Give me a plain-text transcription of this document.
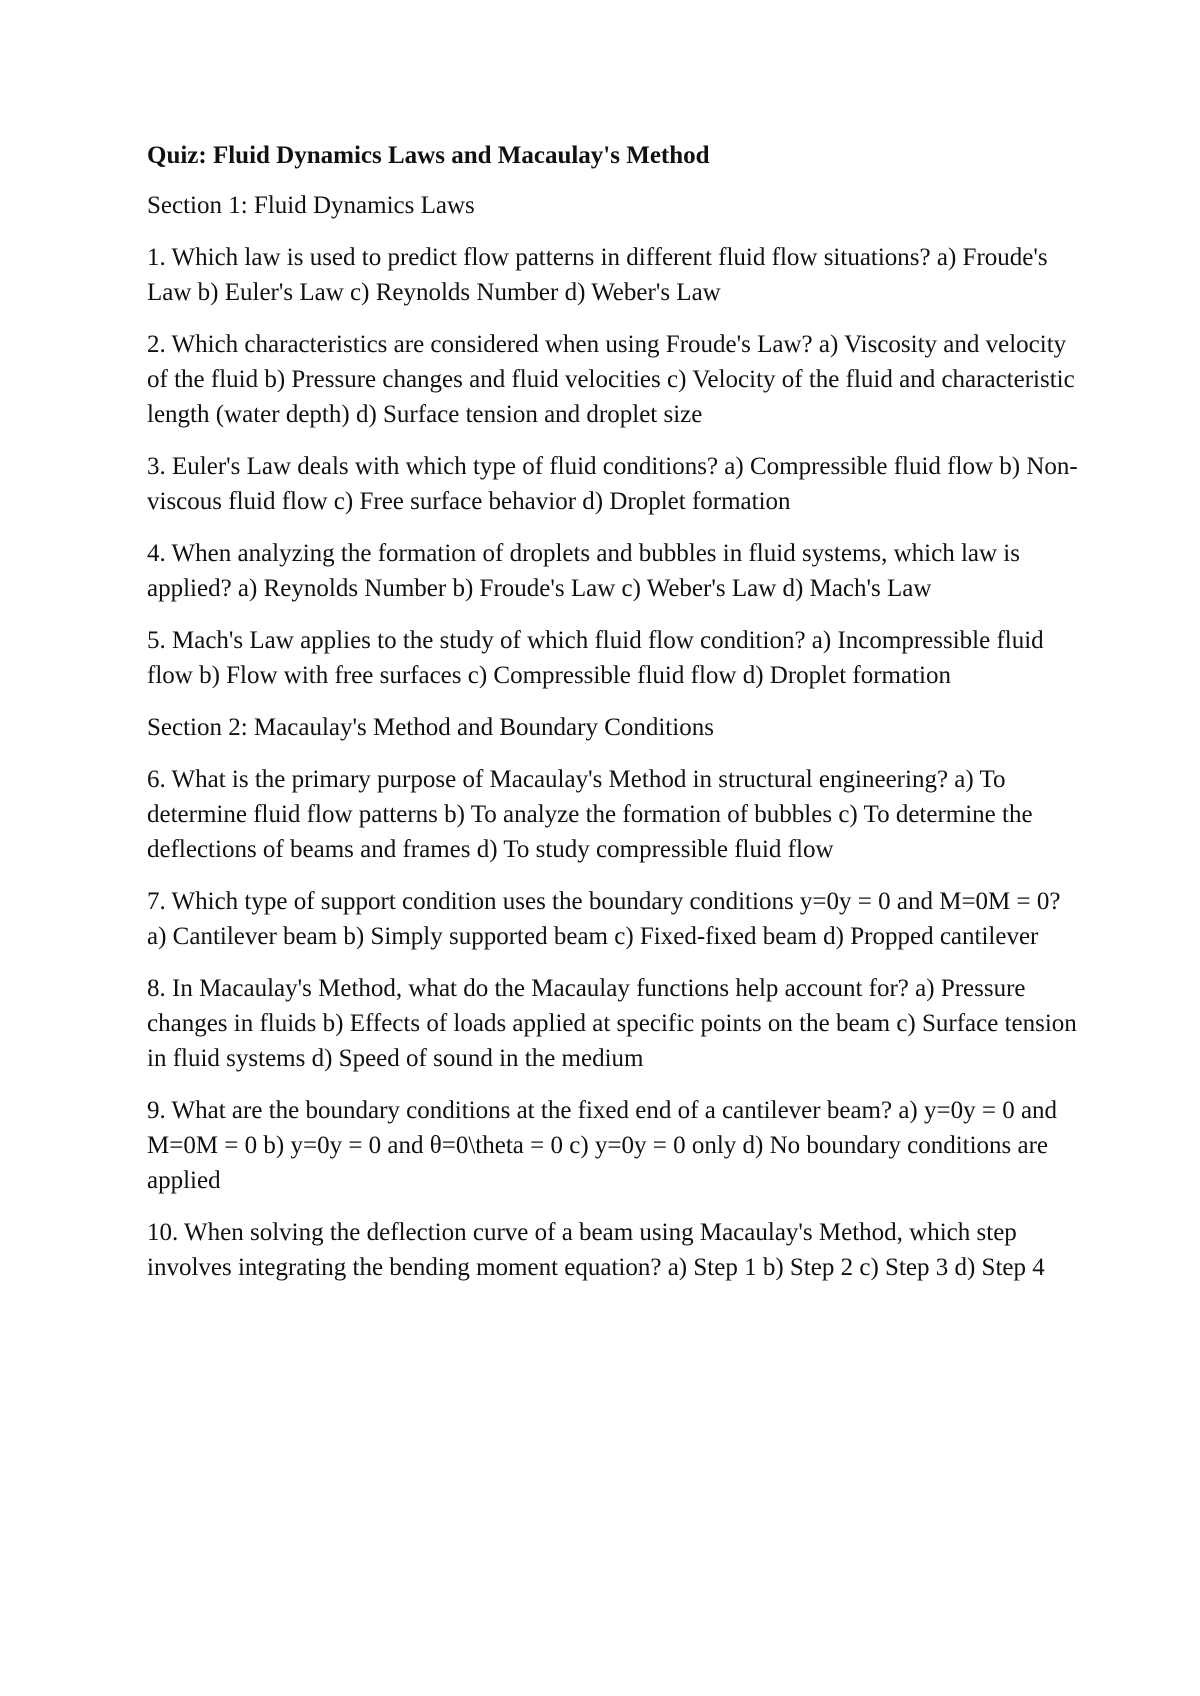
Quiz: Fluid Dynamics Laws and Macaulay's Method
Section 1: Fluid Dynamics Laws
1. Which law is used to predict flow patterns in different fluid flow situations? a) Froude's Law b) Euler's Law c) Reynolds Number d) Weber's Law
2. Which characteristics are considered when using Froude's Law? a) Viscosity and velocity of the fluid b) Pressure changes and fluid velocities c) Velocity of the fluid and characteristic length (water depth) d) Surface tension and droplet size
3. Euler's Law deals with which type of fluid conditions? a) Compressible fluid flow b) Non-viscous fluid flow c) Free surface behavior d) Droplet formation
4. When analyzing the formation of droplets and bubbles in fluid systems, which law is applied? a) Reynolds Number b) Froude's Law c) Weber's Law d) Mach's Law
5. Mach's Law applies to the study of which fluid flow condition? a) Incompressible fluid flow b) Flow with free surfaces c) Compressible fluid flow d) Droplet formation
Section 2: Macaulay's Method and Boundary Conditions
6. What is the primary purpose of Macaulay's Method in structural engineering? a) To determine fluid flow patterns b) To analyze the formation of bubbles c) To determine the deflections of beams and frames d) To study compressible fluid flow
7. Which type of support condition uses the boundary conditions y=0y = 0 and M=0M = 0? a) Cantilever beam b) Simply supported beam c) Fixed-fixed beam d) Propped cantilever
8. In Macaulay's Method, what do the Macaulay functions help account for? a) Pressure changes in fluids b) Effects of loads applied at specific points on the beam c) Surface tension in fluid systems d) Speed of sound in the medium
9. What are the boundary conditions at the fixed end of a cantilever beam? a) y=0y = 0 and M=0M = 0 b) y=0y = 0 and θ=0\theta = 0 c) y=0y = 0 only d) No boundary conditions are applied
10. When solving the deflection curve of a beam using Macaulay's Method, which step involves integrating the bending moment equation? a) Step 1 b) Step 2 c) Step 3 d) Step 4
